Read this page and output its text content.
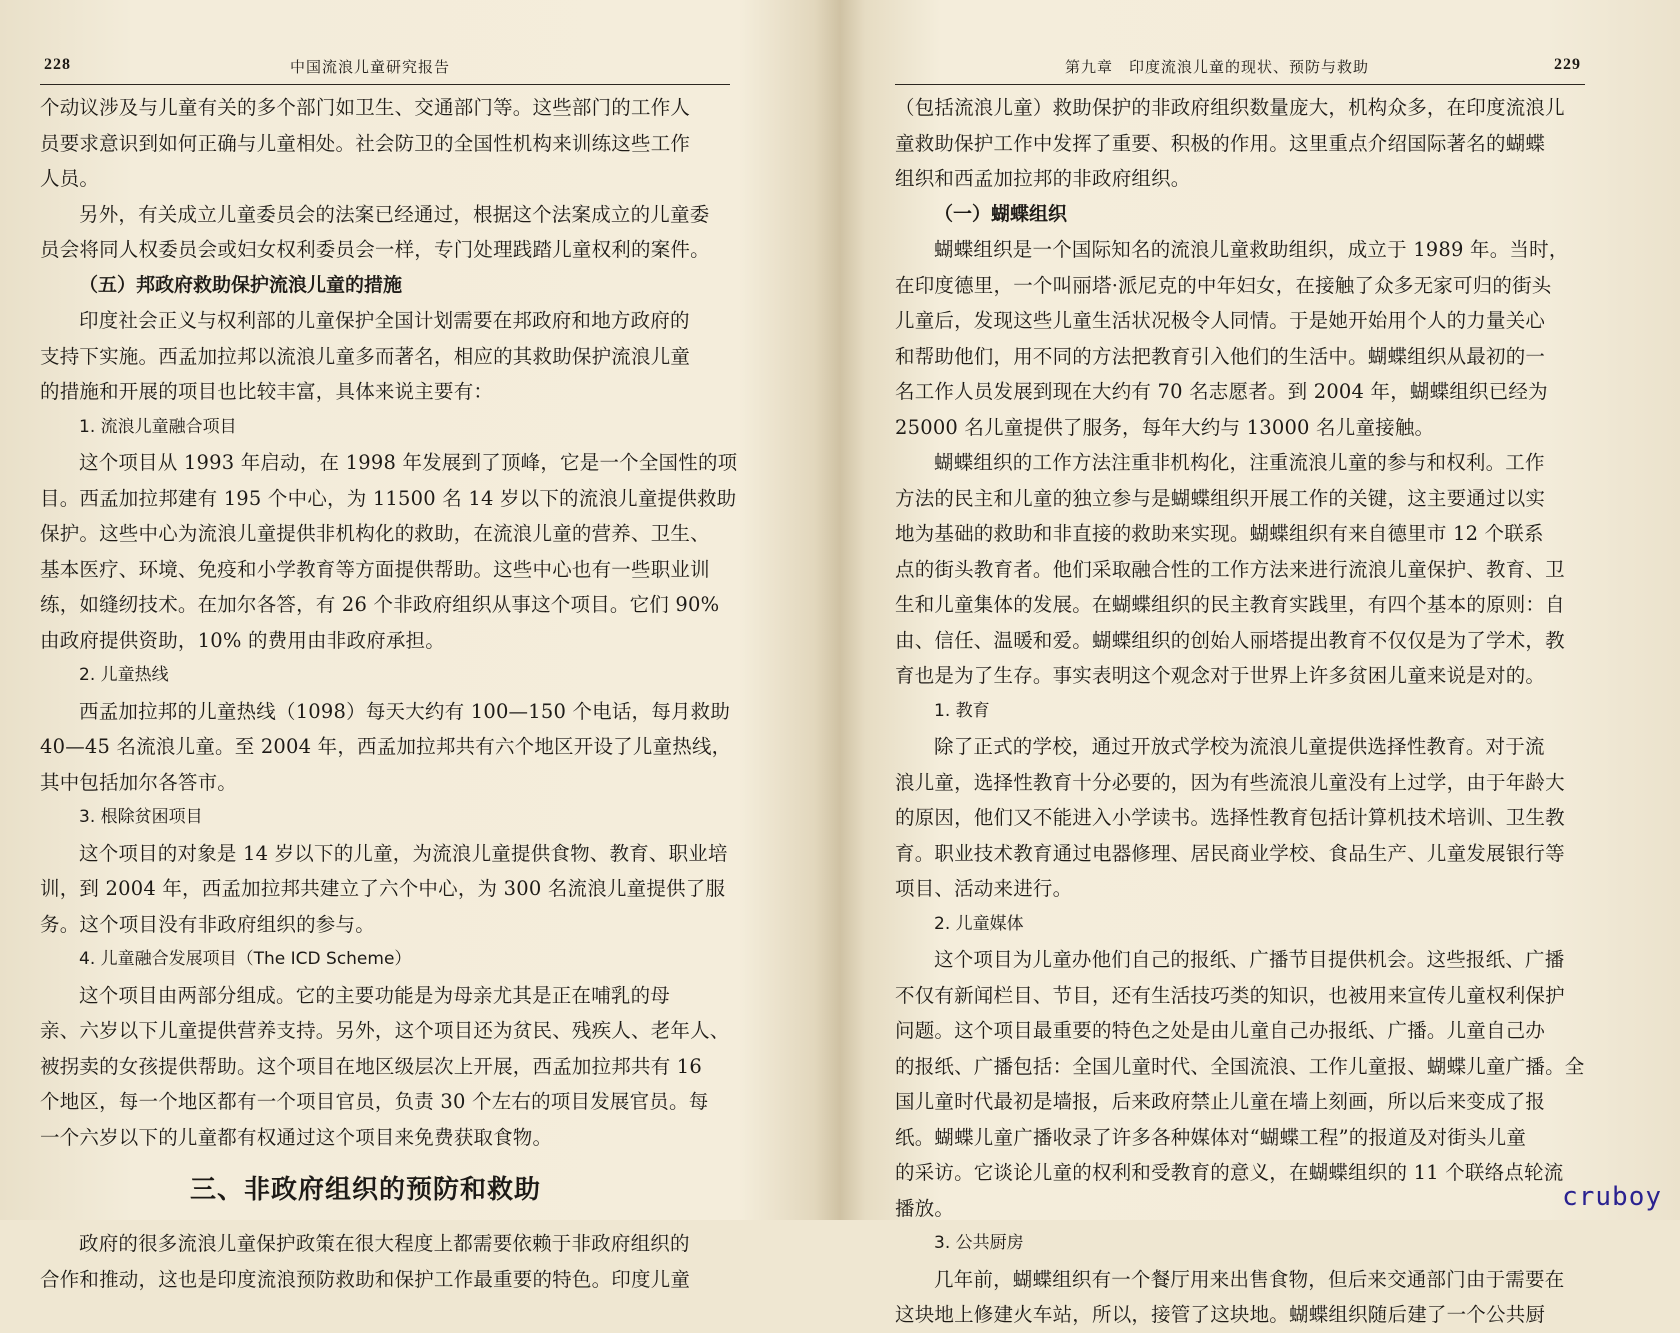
228	中国流浪儿童研究报告
个动议涉及与儿童有关的多个部门如卫生、交通部门等。这些部门的工作人
员要求意识到如何正确与儿童相处。社会防卫的全国性机构来训练这些工作
人员。
另外，有关成立儿童委员会的法案已经通过，根据这个法案成立的儿童委
员会将同人权委员会或妇女权利委员会一样，专门处理践踏儿童权利的案件。
（五）邦政府救助保护流浪儿童的措施
印度社会正义与权利部的儿童保护全国计划需要在邦政府和地方政府的
支持下实施。西孟加拉邦以流浪儿童多而著名，相应的其救助保护流浪儿童
的措施和开展的项目也比较丰富，具体来说主要有：
1. 流浪儿童融合项目
这个项目从 1993 年启动，在 1998 年发展到了顶峰，它是一个全国性的项
目。西孟加拉邦建有 195 个中心，为 11500 名 14 岁以下的流浪儿童提供救助
保护。这些中心为流浪儿童提供非机构化的救助，在流浪儿童的营养、卫生、
基本医疗、环境、免疫和小学教育等方面提供帮助。这些中心也有一些职业训
练，如缝纫技术。在加尔各答，有 26 个非政府组织从事这个项目。它们 90%
由政府提供资助，10% 的费用由非政府承担。
2. 儿童热线
西孟加拉邦的儿童热线（1098）每天大约有 100—150 个电话，每月救助
40—45 名流浪儿童。至 2004 年，西孟加拉邦共有六个地区开设了儿童热线，
其中包括加尔各答市。
3. 根除贫困项目
这个项目的对象是 14 岁以下的儿童，为流浪儿童提供食物、教育、职业培
训，到 2004 年，西孟加拉邦共建立了六个中心，为 300 名流浪儿童提供了服
务。这个项目没有非政府组织的参与。
4. 儿童融合发展项目（The ICD Scheme）
这个项目由两部分组成。它的主要功能是为母亲尤其是正在哺乳的母
亲、六岁以下儿童提供营养支持。另外，这个项目还为贫民、残疾人、老年人、
被拐卖的女孩提供帮助。这个项目在地区级层次上开展，西孟加拉邦共有 16
个地区，每一个地区都有一个项目官员，负责 30 个左右的项目发展官员。每
一个六岁以下的儿童都有权通过这个项目来免费获取食物。
三、非政府组织的预防和救助
政府的很多流浪儿童保护政策在很大程度上都需要依赖于非政府组织的
合作和推动，这也是印度流浪预防救助和保护工作最重要的特色。印度儿童
第九章　印度流浪儿童的现状、预防与救助	229
（包括流浪儿童）救助保护的非政府组织数量庞大，机构众多，在印度流浪儿
童救助保护工作中发挥了重要、积极的作用。这里重点介绍国际著名的蝴蝶
组织和西孟加拉邦的非政府组织。
（一）蝴蝶组织
蝴蝶组织是一个国际知名的流浪儿童救助组织，成立于 1989 年。当时，
在印度德里，一个叫丽塔·派尼克的中年妇女，在接触了众多无家可归的街头
儿童后，发现这些儿童生活状况极令人同情。于是她开始用个人的力量关心
和帮助他们，用不同的方法把教育引入他们的生活中。蝴蝶组织从最初的一
名工作人员发展到现在大约有 70 名志愿者。到 2004 年，蝴蝶组织已经为
25000 名儿童提供了服务，每年大约与 13000 名儿童接触。
蝴蝶组织的工作方法注重非机构化，注重流浪儿童的参与和权利。工作
方法的民主和儿童的独立参与是蝴蝶组织开展工作的关键，这主要通过以实
地为基础的救助和非直接的救助来实现。蝴蝶组织有来自德里市 12 个联系
点的街头教育者。他们采取融合性的工作方法来进行流浪儿童保护、教育、卫
生和儿童集体的发展。在蝴蝶组织的民主教育实践里，有四个基本的原则：自
由、信任、温暖和爱。蝴蝶组织的创始人丽塔提出教育不仅仅是为了学术，教
育也是为了生存。事实表明这个观念对于世界上许多贫困儿童来说是对的。
1. 教育
除了正式的学校，通过开放式学校为流浪儿童提供选择性教育。对于流
浪儿童，选择性教育十分必要的，因为有些流浪儿童没有上过学，由于年龄大
的原因，他们又不能进入小学读书。选择性教育包括计算机技术培训、卫生教
育。职业技术教育通过电器修理、居民商业学校、食品生产、儿童发展银行等
项目、活动来进行。
2. 儿童媒体
这个项目为儿童办他们自己的报纸、广播节目提供机会。这些报纸、广播
不仅有新闻栏目、节目，还有生活技巧类的知识，也被用来宣传儿童权利保护
问题。这个项目最重要的特色之处是由儿童自己办报纸、广播。儿童自己办
的报纸、广播包括：全国儿童时代、全国流浪、工作儿童报、蝴蝶儿童广播。全
国儿童时代最初是墙报，后来政府禁止儿童在墙上刻画，所以后来变成了报
纸。蝴蝶儿童广播收录了许多各种媒体对“蝴蝶工程”的报道及对街头儿童
的采访。它谈论儿童的权利和受教育的意义，在蝴蝶组织的 11 个联络点轮流
播放。
3. 公共厨房
几年前，蝴蝶组织有一个餐厅用来出售食物，但后来交通部门由于需要在
这块地上修建火车站，所以，接管了这块地。蝴蝶组织随后建了一个公共厨
cruboy
